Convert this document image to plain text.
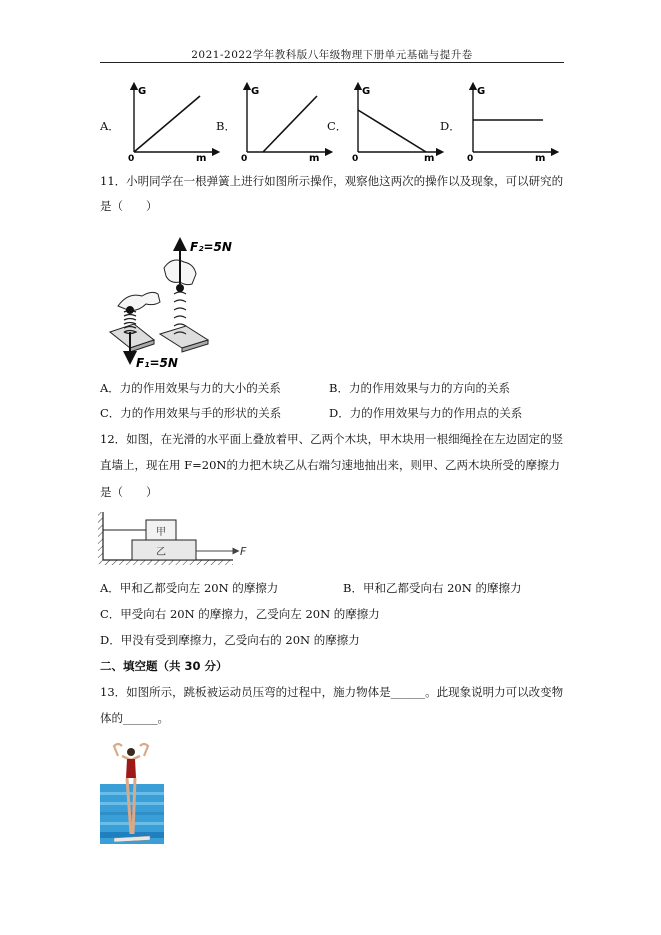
2021-2022学年教科版八年级物理下册单元基础与提升卷
A．	B．	C．	D．
G
0	m
G
0	m
G
0	m
G
0	m
11．小明同学在一根弹簧上进行如图所示操作，观察他这两次的操作以及现象，可以研究的
是（　　）
F₁=5N
F₂=5N
A．力的作用效果与力的大小的关系	B．力的作用效果与力的方向的关系
C．力的作用效果与手的形状的关系	D．力的作用效果与力的作用点的关系
12．如图，在光滑的水平面上叠放着甲、乙两个木块，甲木块用一根细绳拴在左边固定的竖
直墙上，现在用 F=20N的力把木块乙从右端匀速地抽出来，则甲、乙两木块所受的摩擦力
是（　　）
甲
乙	F
A．甲和乙都受向左 20N 的摩擦力	B．甲和乙都受向右 20N 的摩擦力
C．甲受向右 20N 的摩擦力，乙受向左 20N 的摩擦力
D．甲没有受到摩擦力，乙受向右的 20N 的摩擦力
二、填空题（共 30 分）
13．如图所示，跳板被运动员压弯的过程中，施力物体是______。此现象说明力可以改变物
体的______。
